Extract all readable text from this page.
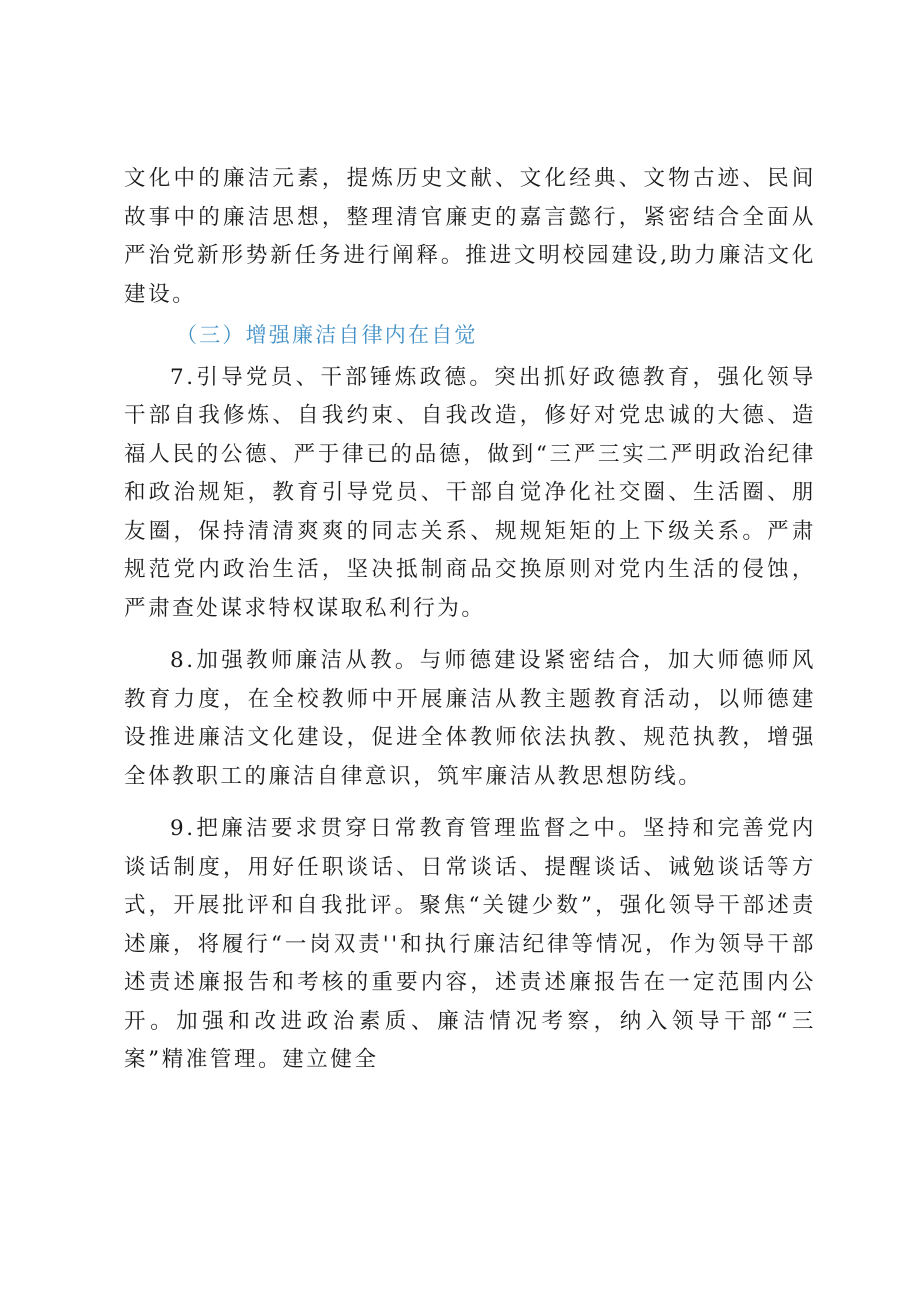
文化中的廉洁元素，提炼历史文献、文化经典、文物古迹、民间故事中的廉洁思想，整理清官廉吏的嘉言懿行，紧密结合全面从严治党新形势新任务进行阐释。推进文明校园建设,助力廉洁文化建设。

（三）增强廉洁自律内在自觉

7.引导党员、干部锤炼政德。突出抓好政德教育，强化领导干部自我修炼、自我约束、自我改造，修好对党忠诚的大德、造福人民的公德、严于律已的品德，做到“三严三实二严明政治纪律和政治规矩，教育引导党员、干部自觉净化社交圈、生活圈、朋友圈，保持清清爽爽的同志关系、规规矩矩的上下级关系。严肃规范党内政治生活，坚决抵制商品交换原则对党内生活的侵蚀，严肃查处谋求特权谋取私利行为。

8.加强教师廉洁从教。与师德建设紧密结合，加大师德师风教育力度，在全校教师中开展廉洁从教主题教育活动，以师德建设推进廉洁文化建设，促进全体教师依法执教、规范执教，增强全体教职工的廉洁自律意识，筑牢廉洁从教思想防线。

9.把廉洁要求贯穿日常教育管理监督之中。坚持和完善党内谈话制度，用好任职谈话、日常谈话、提醒谈话、诫勉谈话等方式，开展批评和自我批评。聚焦“关键少数”，强化领导干部述责述廉，将履行“一岗双责''和执行廉洁纪律等情况，作为领导干部述责述廉报告和考核的重要内容，述责述廉报告在一定范围内公开。加强和改进政治素质、廉洁情况考察，纳入领导干部“三案”精准管理。建立健全
